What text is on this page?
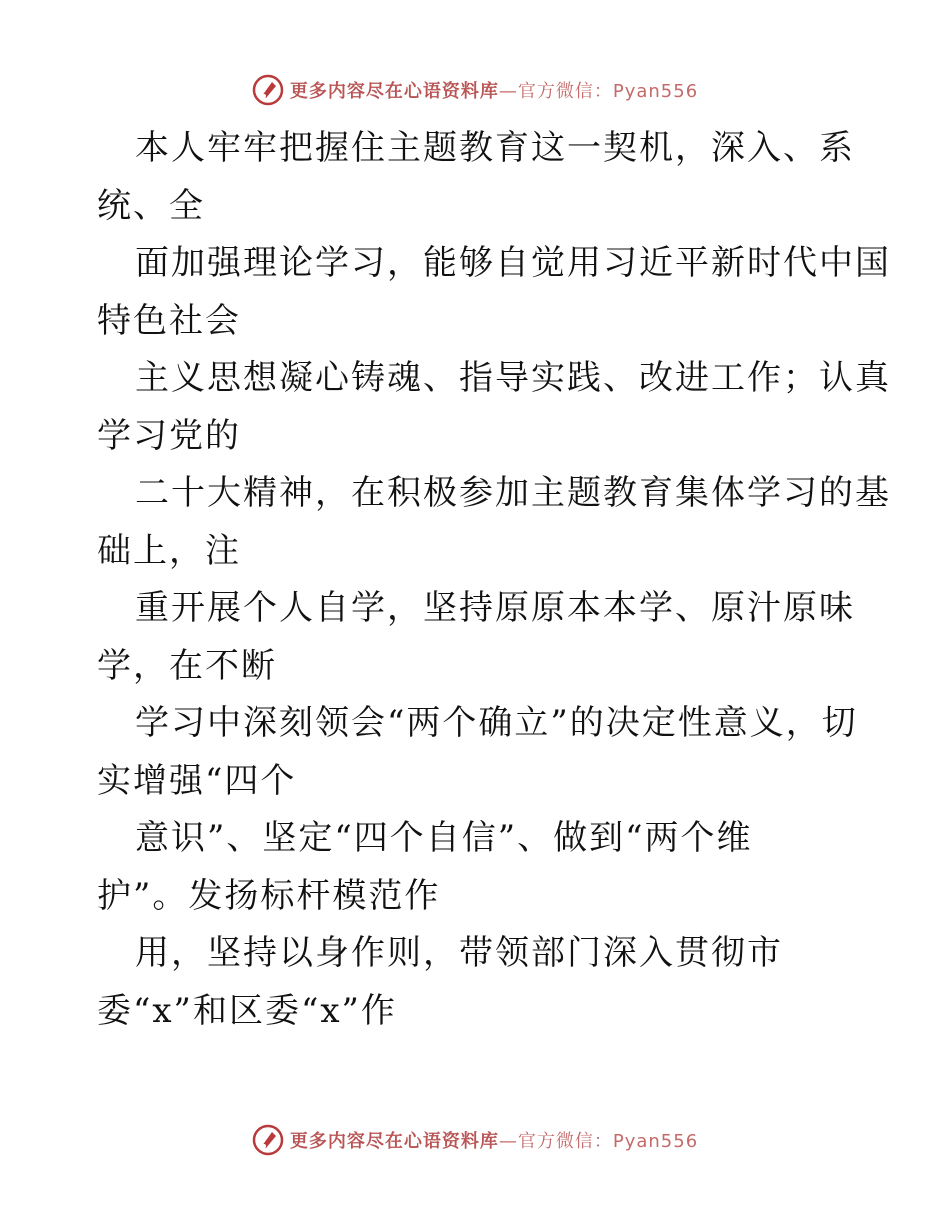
更多内容尽在心语资料库—官方微信：Pyan556
本人牢牢把握住主题教育这一契机，深入、系
统、全
面加强理论学习，能够自觉用习近平新时代中国
特色社会
主义思想凝心铸魂、指导实践、改进工作；认真
学习党的
二十大精神，在积极参加主题教育集体学习的基
础上，注
重开展个人自学，坚持原原本本学、原汁原味
学，在不断
学习中深刻领会“两个确立”的决定性意义，切
实增强“四个
意识”、坚定“四个自信”、做到“两个维
护”。发扬标杆模范作
用，坚持以身作则，带领部门深入贯彻市
委“x”和区委“x”作
更多内容尽在心语资料库—官方微信：Pyan556
